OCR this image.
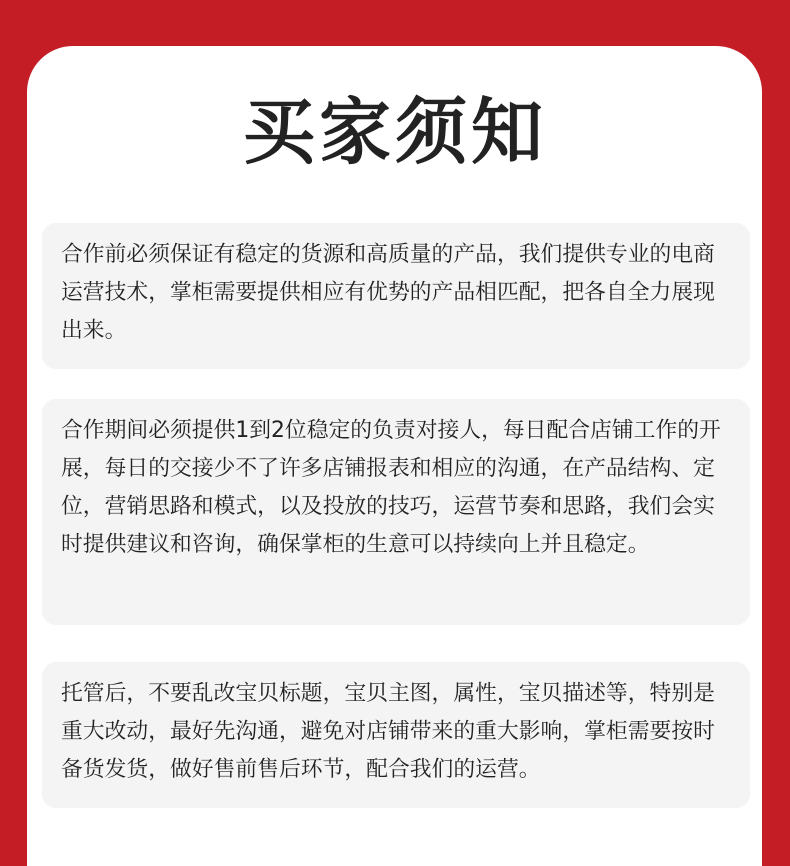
买家须知
合作前必须保证有稳定的货源和高质量的产品，我们提供专业的电商运营技术，掌柜需要提供相应有优势的产品相匹配，把各自全力展现出来。
合作期间必须提供1到2位稳定的负责对接人，每日配合店铺工作的开展，每日的交接少不了许多店铺报表和相应的沟通，在产品结构、定位，营销思路和模式，以及投放的技巧，运营节奏和思路，我们会实时提供建议和咨询，确保掌柜的生意可以持续向上并且稳定。
托管后，不要乱改宝贝标题，宝贝主图，属性，宝贝描述等，特别是重大改动，最好先沟通，避免对店铺带来的重大影响，掌柜需要按时备货发货，做好售前售后环节，配合我们的运营。
